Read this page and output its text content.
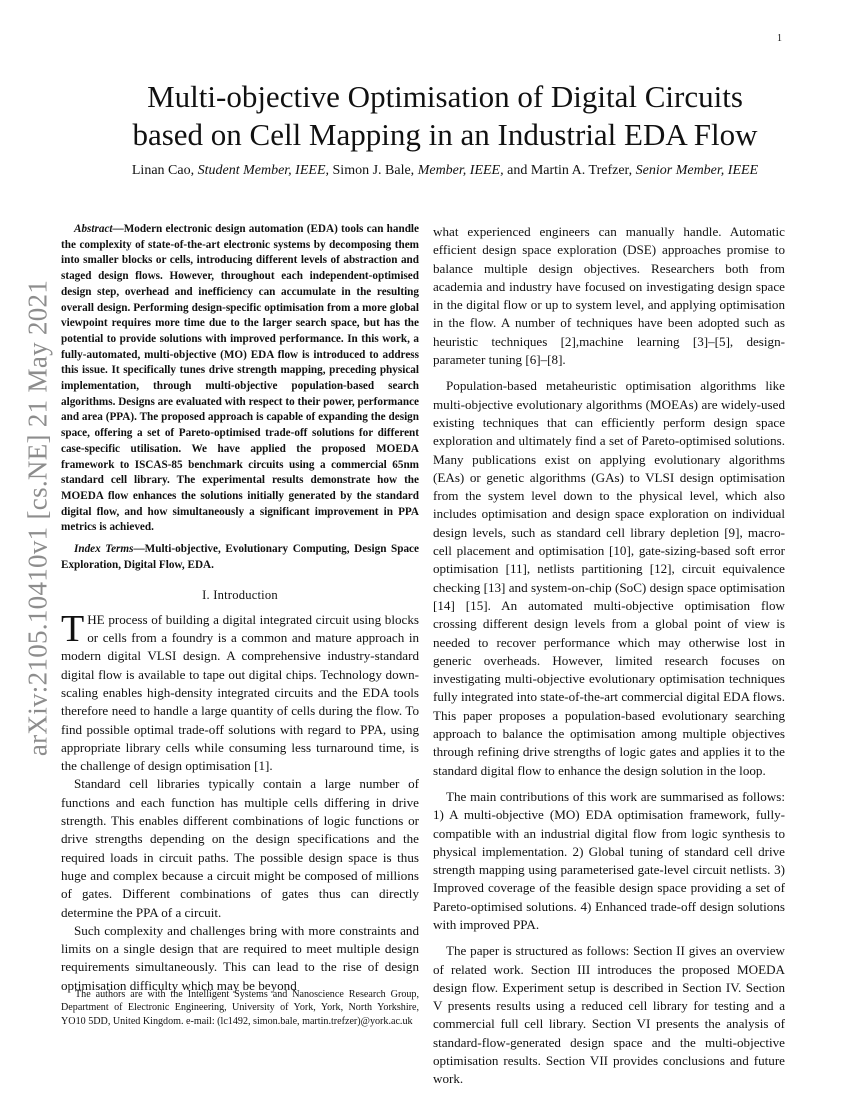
1
arXiv:2105.10410v1 [cs.NE] 21 May 2021
Multi-objective Optimisation of Digital Circuits
based on Cell Mapping in an Industrial EDA Flow
Linan Cao, Student Member, IEEE, Simon J. Bale, Member, IEEE, and Martin A. Trefzer, Senior Member, IEEE

Abstract—Modern electronic design automation (EDA) tools can handle the complexity of state-of-the-art electronic systems by decomposing them into smaller blocks or cells, introducing different levels of abstraction and staged design flows. However, throughout each independent-optimised design step, overhead and inefficiency can accumulate in the resulting overall design. Performing design-specific optimisation from a more global viewpoint requires more time due to the larger search space, but has the potential to provide solutions with improved performance. In this work, a fully-automated, multi-objective (MO) EDA flow is introduced to address this issue. It specifically tunes drive strength mapping, preceding physical implementation, through multi-objective population-based search algorithms. Designs are evaluated with respect to their power, performance and area (PPA). The proposed approach is capable of expanding the design space, offering a set of Pareto-optimised trade-off solutions for different case-specific utilisation. We have applied the proposed MOEDA framework to ISCAS-85 benchmark circuits using a commercial 65nm standard cell library. The experimental results demonstrate how the MOEDA flow enhances the solutions initially generated by the standard digital flow, and how simultaneously a significant improvement in PPA metrics is achieved.

Index Terms—Multi-objective, Evolutionary Computing, Design Space Exploration, Digital Flow, EDA.

I. Introduction

THE process of building a digital integrated circuit using blocks or cells from a foundry is a common and mature approach in modern digital VLSI design. A comprehensive industry-standard digital flow is available to tape out digital chips. Technology down-scaling enables high-density integrated circuits and the EDA tools therefore need to handle a large quantity of cells during the flow. To find possible optimal trade-off solutions with regard to PPA, using appropriate library cells while consuming less turnaround time, is the challenge of design optimisation [1].

Standard cell libraries typically contain a large number of functions and each function has multiple cells differing in drive strength. This enables different combinations of logic functions or drive strengths depending on the design specifications and the required loads in circuit paths. The possible design space is thus huge and complex because a circuit might be composed of millions of gates. Different combinations of gates thus can directly determine the PPA of a circuit.

Such complexity and challenges bring with more constraints and limits on a single design that are required to meet multiple design requirements simultaneously. This can lead to the rise of design optimisation difficulty which may be beyond

The authors are with the Intelligent Systems and Nanoscience Research Group, Department of Electronic Engineering, University of York, York, North Yorkshire, YO10 5DD, United Kingdom. e-mail: (lc1492, simon.bale, martin.trefzer)@york.ac.uk

what experienced engineers can manually handle. Automatic efficient design space exploration (DSE) approaches promise to balance multiple design objectives. Researchers both from academia and industry have focused on investigating design space in the digital flow or up to system level, and applying optimisation in the flow. A number of techniques have been adopted such as heuristic techniques [2],machine learning [3]–[5], design-parameter tuning [6]–[8].

Population-based metaheuristic optimisation algorithms like multi-objective evolutionary algorithms (MOEAs) are widely-used existing techniques that can efficiently perform design space exploration and ultimately find a set of Pareto-optimised solutions. Many publications exist on applying evolutionary algorithms (EAs) or genetic algorithms (GAs) to VLSI design optimisation from the system level down to the physical level, which also includes optimisation and design space exploration on individual design levels, such as standard cell library depletion [9], macro-cell placement and optimisation [10], gate-sizing-based soft error optimisation [11], netlists partitioning [12], circuit equivalence checking [13] and system-on-chip (SoC) design space optimisation [14] [15]. An automated multi-objective optimisation flow crossing different design levels from a global point of view is needed to recover performance which may otherwise lost in generic overheads. However, limited research focuses on investigating multi-objective evolutionary optimisation techniques fully integrated into state-of-the-art commercial digital EDA flows. This paper proposes a population-based evolutionary searching approach to balance the optimisation among multiple objectives through refining drive strengths of logic gates and applies it to the standard digital flow to enhance the design solution in the loop.

The main contributions of this work are summarised as follows: 1) A multi-objective (MO) EDA optimisation framework, fully-compatible with an industrial digital flow from logic synthesis to physical implementation. 2) Global tuning of standard cell drive strength mapping using parameterised gate-level circuit netlists. 3) Improved coverage of the feasible design space providing a set of Pareto-optimised solutions. 4) Enhanced trade-off design solutions with improved PPA.

The paper is structured as follows: Section II gives an overview of related work. Section III introduces the proposed MOEDA design flow. Experiment setup is described in Section IV. Section V presents results using a reduced cell library for testing and a commercial full cell library. Section VI presents the analysis of standard-flow-generated design space and the multi-objective optimisation results. Section VII provides conclusions and future work.
